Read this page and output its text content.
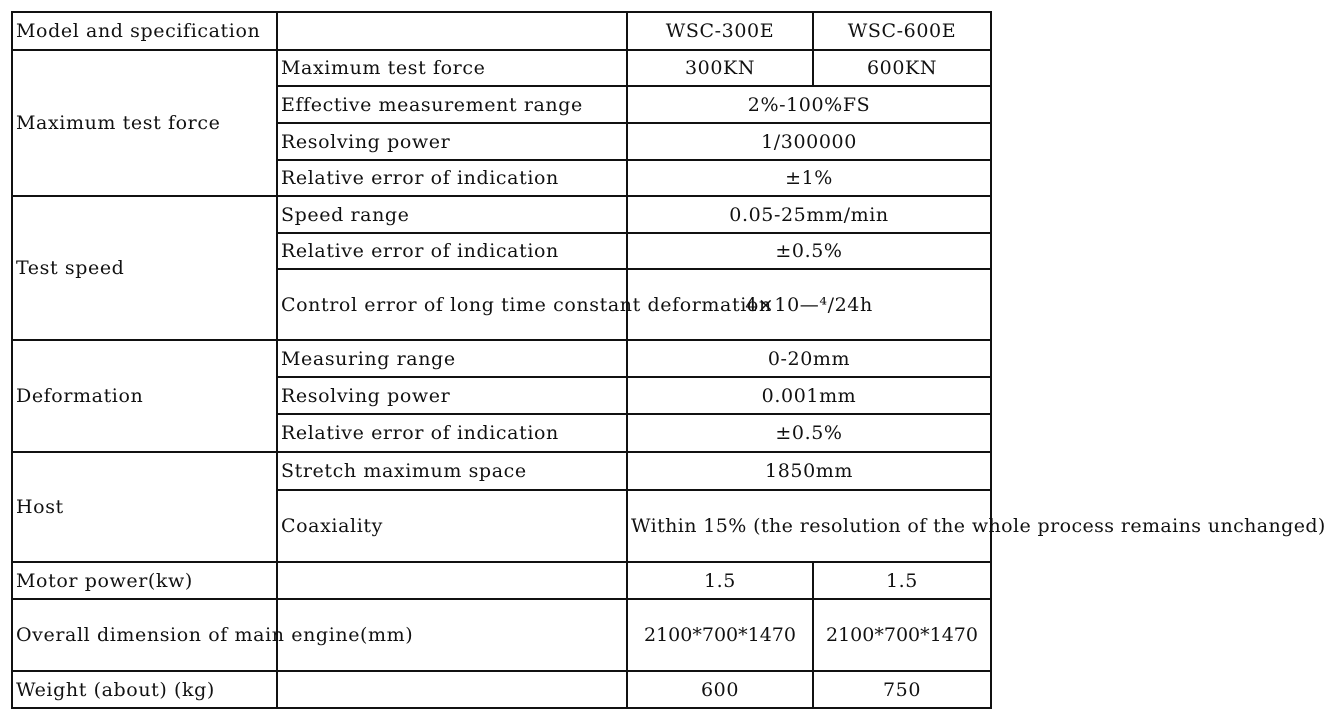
Model and specification		WSC-300E	WSC-600E
Maximum test force	Maximum test force	300KN	600KN
	Effective measurement range	2%-100%FS	
	Resolving power	1/300000	
	Relative error of indication	±1%	
Test speed	Speed range	0.05-25mm/min	
	Relative error of indication	±0.5%	
	Control error of long time constant deformation	4×10—⁴/24h	
Deformation	Measuring range	0-20mm	
	Resolving power	0.001mm	
	Relative error of indication	±0.5%	
Host	Stretch maximum space	1850mm	
	Coaxiality	Within 15% (the resolution of the whole process remains unchanged)	
Motor power(kw)		1.5	1.5
Overall dimension of main engine(mm)		2100*700*1470	2100*700*1470
Weight (about) (kg)		600	750
